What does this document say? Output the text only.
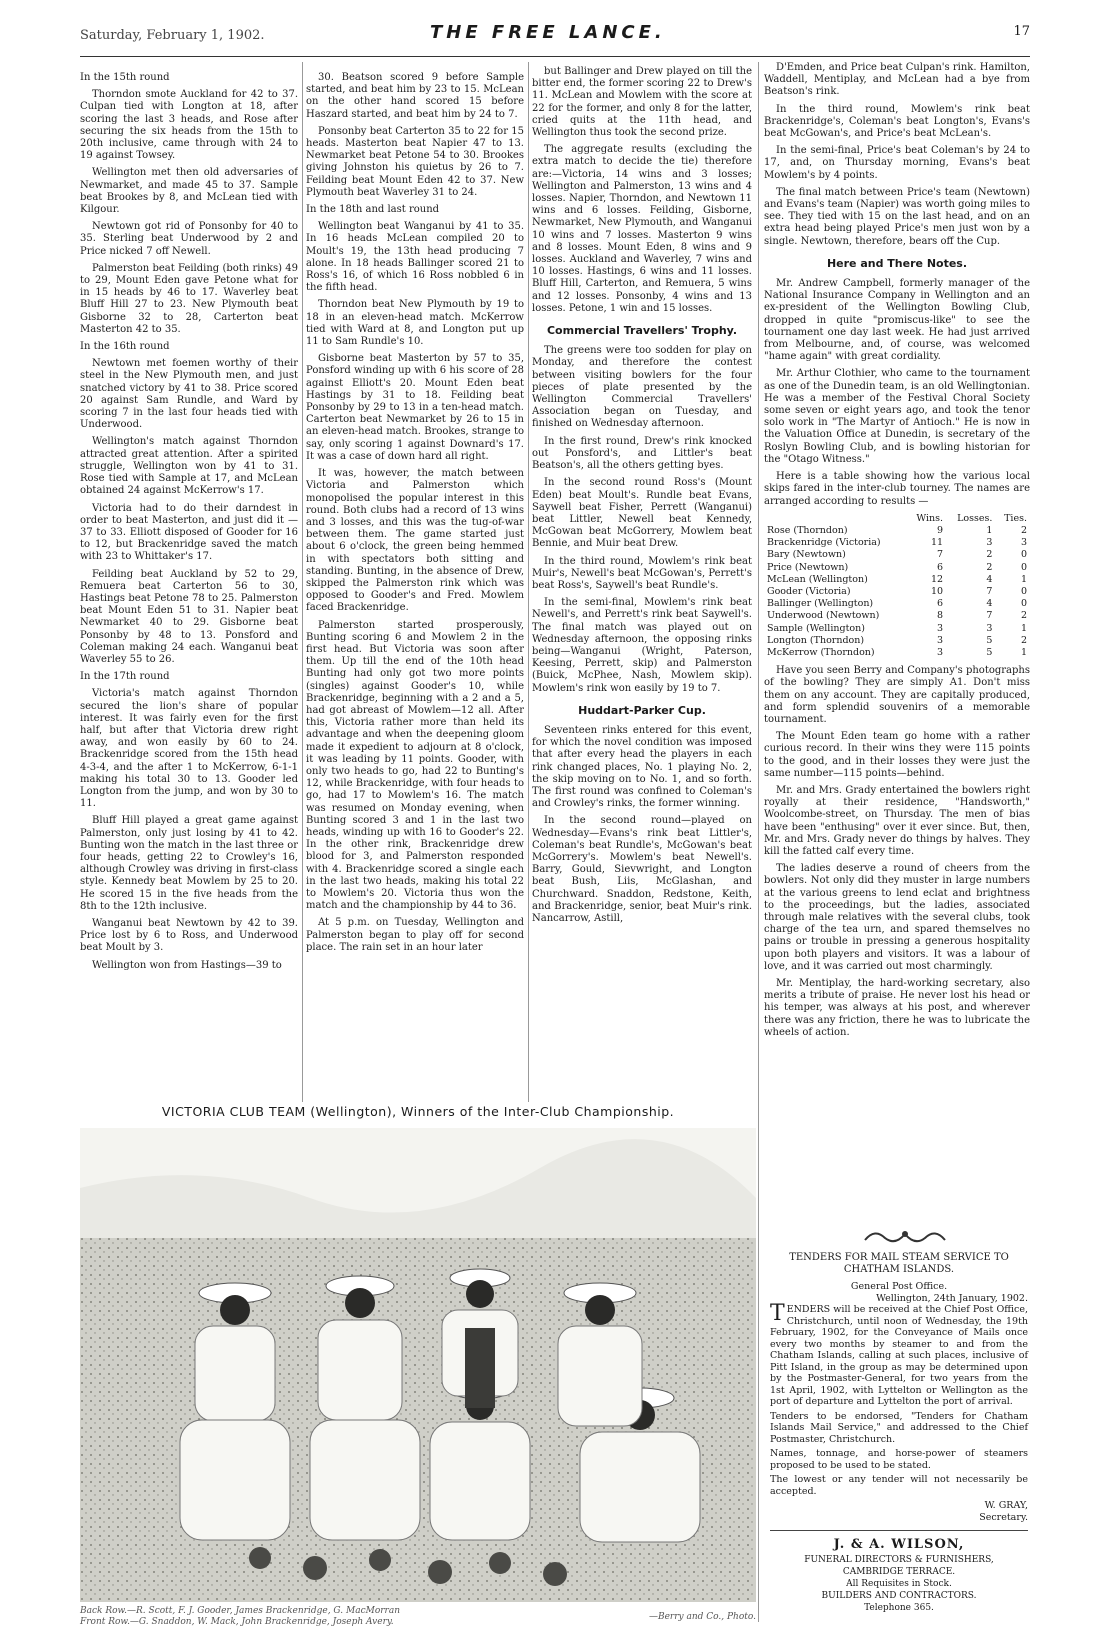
Saturday, February 1, 1902.	THE FREE LANCE.	17

In the 15th round

Thorndon smote Auckland for 42 to 37. Culpan tied with Longton at 18, after scoring the last 3 heads, and Rose after securing the six heads from the 15th to 20th inclusive, came through with 24 to 19 against Towsey.

Wellington met then old adversaries of Newmarket, and made 45 to 37. Sample beat Brookes by 8, and McLean tied with Kilgour.

Newtown got rid of Ponsonby for 40 to 35. Sterling beat Underwood by 2 and Price nicked 7 off Newell.

Palmerston beat Feilding (both rinks) 49 to 29, Mount Eden gave Petone what for in 15 heads by 46 to 17. Waverley beat Bluff Hill 27 to 23. New Plymouth beat Gisborne 32 to 28, Carterton beat Masterton 42 to 35.

In the 16th round

Newtown met foemen worthy of their steel in the New Plymouth men, and just snatched victory by 41 to 38. Price scored 20 against Sam Rundle, and Ward by scoring 7 in the last four heads tied with Underwood.

Wellington's match against Thorndon attracted great attention. After a spirited struggle, Wellington won by 41 to 31. Rose tied with Sample at 17, and McLean obtained 24 against McKerrow's 17.

Victoria had to do their darndest in order to beat Masterton, and just did it —37 to 33. Elliott disposed of Gooder for 16 to 12, but Brackenridge saved the match with 23 to Whittaker's 17.

Feilding beat Auckland by 52 to 29, Remuera beat Carterton 56 to 30, Hastings beat Petone 78 to 25. Palmerston beat Mount Eden 51 to 31. Napier beat Newmarket 40 to 29. Gisborne beat Ponsonby by 48 to 13. Ponsford and Coleman making 24 each. Wanganui beat Waverley 55 to 26.

In the 17th round

Victoria's match against Thorndon secured the lion's share of popular interest. It was fairly even for the first half, but after that Victoria drew right away, and won easily by 60 to 24. Brackenridge scored from the 15th head 4-3-4, and the after 1 to McKerrow, 6-1-1 making his total 30 to 13. Gooder led Longton from the jump, and won by 30 to 11.

Bluff Hill played a great game against Palmerston, only just losing by 41 to 42. Bunting won the match in the last three or four heads, getting 22 to Crowley's 16, although Crowley was driving in first-class style. Kennedy beat Mowlem by 25 to 20. He scored 15 in the five heads from the 8th to the 12th inclusive.

Wanganui beat Newtown by 42 to 39. Price lost by 6 to Ross, and Underwood beat Moult by 3.

Wellington won from Hastings—39 to

30. Beatson scored 9 before Sample started, and beat him by 23 to 15. McLean on the other hand scored 15 before Haszard started, and beat him by 24 to 7.

Ponsonby beat Carterton 35 to 22 for 15 heads. Masterton beat Napier 47 to 13. Newmarket beat Petone 54 to 30. Brookes giving Johnston his quietus by 26 to 7. Feilding beat Mount Eden 42 to 37. New Plymouth beat Waverley 31 to 24.

In the 18th and last round

Wellington beat Wanganui by 41 to 35. In 16 heads McLean compiled 20 to Moult's 19, the 13th head producing 7 alone. In 18 heads Ballinger scored 21 to Ross's 16, of which 16 Ross nobbled 6 in the fifth head.

Thorndon beat New Plymouth by 19 to 18 in an eleven-head match. McKerrow tied with Ward at 8, and Longton put up 11 to Sam Rundle's 10.

Gisborne beat Masterton by 57 to 35, Ponsford winding up with 6 his score of 28 against Elliott's 20. Mount Eden beat Hastings by 31 to 18. Feilding beat Ponsonby by 29 to 13 in a ten-head match. Carterton beat Newmarket by 26 to 15 in an eleven-head match. Brookes, strange to say, only scoring 1 against Downard's 17. It was a case of down hard all right.

It was, however, the match between Victoria and Palmerston which monopolised the popular interest in this round. Both clubs had a record of 13 wins and 3 losses, and this was the tug-of-war between them. The game started just about 6 o'clock, the green being hemmed in with spectators both sitting and standing. Bunting, in the absence of Drew, skipped the Palmerston rink which was opposed to Gooder's and Fred. Mowlem faced Brackenridge.

Palmerston started prosperously, Bunting scoring 6 and Mowlem 2 in the first head. But Victoria was soon after them. Up till the end of the 10th head Bunting had only got two more points (singles) against Gooder's 10, while Brackenridge, beginning with a 2 and a 5, had got abreast of Mowlem—12 all. After this, Victoria rather more than held its advantage and when the deepening gloom made it expedient to adjourn at 8 o'clock, it was leading by 11 points. Gooder, with only two heads to go, had 22 to Bunting's 12, while Brackenridge, with four heads to go, had 17 to Mowlem's 16. The match was resumed on Monday evening, when Bunting scored 3 and 1 in the last two heads, winding up with 16 to Gooder's 22. In the other rink, Brackenridge drew blood for 3, and Palmerston responded with 4. Brackenridge scored a single each in the last two heads, making his total 22 to Mowlem's 20. Victoria thus won the match and the championship by 44 to 36.

At 5 p.m. on Tuesday, Wellington and Palmerston began to play off for second place. The rain set in an hour later

but Ballinger and Drew played on till the bitter end, the former scoring 22 to Drew's 11. McLean and Mowlem with the score at 22 for the former, and only 8 for the latter, cried quits at the 11th head, and Wellington thus took the second prize.

The aggregate results (excluding the extra match to decide the tie) therefore are:—Victoria, 14 wins and 3 losses; Wellington and Palmerston, 13 wins and 4 losses. Napier, Thorndon, and Newtown 11 wins and 6 losses. Feilding, Gisborne, Newmarket, New Plymouth, and Wanganui 10 wins and 7 losses. Masterton 9 wins and 8 losses. Mount Eden, 8 wins and 9 losses. Auckland and Waverley, 7 wins and 10 losses. Hastings, 6 wins and 11 losses. Bluff Hill, Carterton, and Remuera, 5 wins and 12 losses. Ponsonby, 4 wins and 13 losses. Petone, 1 win and 15 losses.

Commercial Travellers' Trophy.

The greens were too sodden for play on Monday, and therefore the contest between visiting bowlers for the four pieces of plate presented by the Wellington Commercial Travellers' Association began on Tuesday, and finished on Wednesday afternoon.

In the first round, Drew's rink knocked out Ponsford's, and Littler's beat Beatson's, all the others getting byes.

In the second round Ross's (Mount Eden) beat Moult's. Rundle beat Evans, Saywell beat Fisher, Perrett (Wanganui) beat Littler, Newell beat Kennedy, McGowan beat McGorrery, Mowlem beat Bennie, and Muir beat Drew.

In the third round, Mowlem's rink beat Muir's, Newell's beat McGowan's, Perrett's beat Ross's, Saywell's beat Rundle's.

In the semi-final, Mowlem's rink beat Newell's, and Perrett's rink beat Saywell's. The final match was played out on Wednesday afternoon, the opposing rinks being—Wanganui (Wright, Paterson, Keesing, Perrett, skip) and Palmerston (Buick, McPhee, Nash, Mowlem skip). Mowlem's rink won easily by 19 to 7.

Huddart-Parker Cup.

Seventeen rinks entered for this event, for which the novel condition was imposed that after every head the players in each rink changed places, No. 1 playing No. 2, the skip moving on to No. 1, and so forth. The first round was confined to Coleman's and Crowley's rinks, the former winning.

In the second round—played on Wednesday—Evans's rink beat Littler's, Coleman's beat Rundle's, McGowan's beat McGorrery's. Mowlem's beat Newell's. Barry, Gould, Sievwright, and Longton beat Bush, Liis, McGlashan, and Churchward. Snaddon, Redstone, Keith, and Brackenridge, senior, beat Muir's rink. Nancarrow, Astill,

D'Emden, and Price beat Culpan's rink. Hamilton, Waddell, Mentiplay, and McLean had a bye from Beatson's rink.

In the third round, Mowlem's rink beat Brackenridge's, Coleman's beat Longton's, Evans's beat McGowan's, and Price's beat McLean's.

In the semi-final, Price's beat Coleman's by 24 to 17, and, on Thursday morning, Evans's beat Mowlem's by 4 points.

The final match between Price's team (Newtown) and Evans's team (Napier) was worth going miles to see. They tied with 15 on the last head, and on an extra head being played Price's men just won by a single. Newtown, therefore, bears off the Cup.

Here and There Notes.

Mr. Andrew Campbell, formerly manager of the National Insurance Company in Wellington and an ex-president of the Wellington Bowling Club, dropped in quite "promiscus-like" to see the tournament one day last week. He had just arrived from Melbourne, and, of course, was welcomed "hame again" with great cordiality.

Mr. Arthur Clothier, who came to the tournament as one of the Dunedin team, is an old Wellingtonian. He was a member of the Festival Choral Society some seven or eight years ago, and took the tenor solo work in "The Martyr of Antioch." He is now in the Valuation Office at Dunedin, is secretary of the Roslyn Bowling Club, and is bowling historian for the "Otago Witness."

Here is a table showing how the various local skips fared in the inter-club tourney. The names are arranged according to results —

	Wins.	Losses.	Ties.
Rose (Thorndon)	9	1	2
Brackenridge (Victoria)	11	3	3
Bary (Newtown)	7	2	0
Price (Newtown)	6	2	0
McLean (Wellington)	12	4	1
Gooder (Victoria)	10	7	0
Ballinger (Wellington)	6	4	0
Underwood (Newtown)	8	7	2
Sample (Wellington)	3	3	1
Longton (Thorndon)	3	5	2
McKerrow (Thorndon)	3	5	1

Have you seen Berry and Company's photographs of the bowling? They are simply A1. Don't miss them on any account. They are capitally produced, and form splendid souvenirs of a memorable tournament.

The Mount Eden team go home with a rather curious record. In their wins they were 115 points to the good, and in their losses they were just the same number—115 points—behind.

Mr. and Mrs. Grady entertained the bowlers right royally at their residence, "Handsworth," Woolcombe-street, on Thursday. The men of bias have been "enthusing" over it ever since. But, then, Mr. and Mrs. Grady never do things by halves. They kill the fatted calf every time.

The ladies deserve a round of cheers from the bowlers. Not only did they muster in large numbers at the various greens to lend eclat and brightness to the proceedings, but the ladies, associated through male relatives with the several clubs, took charge of the tea urn, and spared themselves no pains or trouble in pressing a generous hospitality upon both players and visitors. It was a labour of love, and it was carried out most charmingly.

Mr. Mentiplay, the hard-working secretary, also merits a tribute of praise. He never lost his head or his temper, was always at his post, and wherever there was any friction, there he was to lubricate the wheels of action.

VICTORIA CLUB TEAM (Wellington), Winners of the Inter-Club Championship.
Back Row.—R. Scott, F. J. Gooder, James Brackenridge, G. MacMorran
Front Row.—G. Snaddon, W. Mack, John Brackenridge, Joseph Avery.	—Berry and Co., Photo.
TENDERS FOR MAIL STEAM SERVICE TO CHATHAM ISLANDS.

General Post Office.

Wellington, 24th January, 1902.

TENDERS will be received at the Chief Post Office, Christchurch, until noon of Wednesday, the 19th February, 1902, for the Conveyance of Mails once every two months by steamer to and from the Chatham Islands, calling at such places, inclusive of Pitt Island, in the group as may be determined upon by the Postmaster-General, for two years from the 1st April, 1902, with Lyttelton or Wellington as the port of departure and Lyttelton the port of arrival.

Tenders to be endorsed, "Tenders for Chatham Islands Mail Service," and addressed to the Chief Postmaster, Christchurch.

Names, tonnage, and horse-power of steamers proposed to be used to be stated.

The lowest or any tender will not necessarily be accepted.

W. GRAY,

Secretary.

J. & A. WILSON,
FUNERAL DIRECTORS & FURNISHERS,
CAMBRIDGE TERRACE.
All Requisites in Stock.
BUILDERS AND CONTRACTORS.
Telephone 365.
